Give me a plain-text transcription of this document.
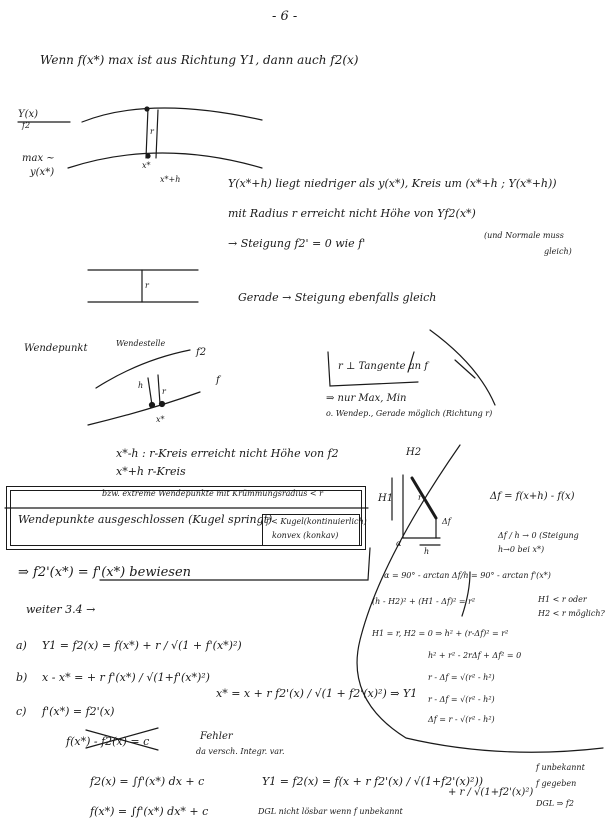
- 6 -
Wenn f(x*) max ist aus Richtung Y1, dann auch f2(x)
Y(x)
f2
max ~
y(x*)
r
x*
x*+h	Y(x*+h) liegt niedriger als y(x*), Kreis um (x*+h ; Y(x*+h))
mit Radius r erreicht nicht Höhe von Yf2(x*)
→ Steigung f2' = 0 wie f'
(und Normale muss
gleich)
r
Gerade → Steigung ebenfalls gleich
Wendepunkt	Wendestelle
f2
f
h
r
x*
r ⊥ Tangente an f
⇒ nur Max, Min
o. Wendep., Gerade möglich (Richtung r)
x*-h : r-Kreis erreicht nicht Höhe von f2
x*+h r-Kreis
bzw. extreme Wendepunkte mit Krümmungsradius < r
Wendepunkte ausgeschlossen (Kugel springt)
f'< Kugel(kontinuierlich)
konvex (konkav)
⇒ f2'(x*) = f'(x*) bewiesen
weiter 3.4 →
a) Y1 = f2(x) = f(x*) + r / √(1 + f'(x*)²)
b) x - x* = + r f'(x*) / √(1+f'(x*)²)
c) f'(x*) = f2'(x)
x* = x + r f2'(x) / √(1 + f2'(x)²) ⇒ Y1
f(x*) - f2(x) = c	Fehler
da versch. Integr. var.
f2(x) = ∫f'(x*) dx + c
f(x*) = ∫f'(x*) dx* + c
Y1 = f2(x) = f(x + r f2'(x) / √(1+f2'(x)²))
+ r / √(1+f2'(x)²)
f unbekannt
f gegeben
DGL ⇒ f2
DGL nicht lösbar wenn f unbekannt
H2
H1	r
Δf
h
α
Δf = f(x+h) - f(x)
Δf / h → 0 (Steigung
h→0 bei x*)
α = 90° - arctan Δf/h = 90° - arctan f'(x*)
(h - H2)² + (H1 - Δf)² = r²	H1 < r oder
H2 < r möglich?
H1 = r, H2 = 0 ⇒ h² + (r-Δf)² = r²
h² + r² - 2rΔf + Δf² = 0
r - Δf = √(r² - h²)
r - Δf = √(r² - h²)
Δf = r - √(r² - h²)
